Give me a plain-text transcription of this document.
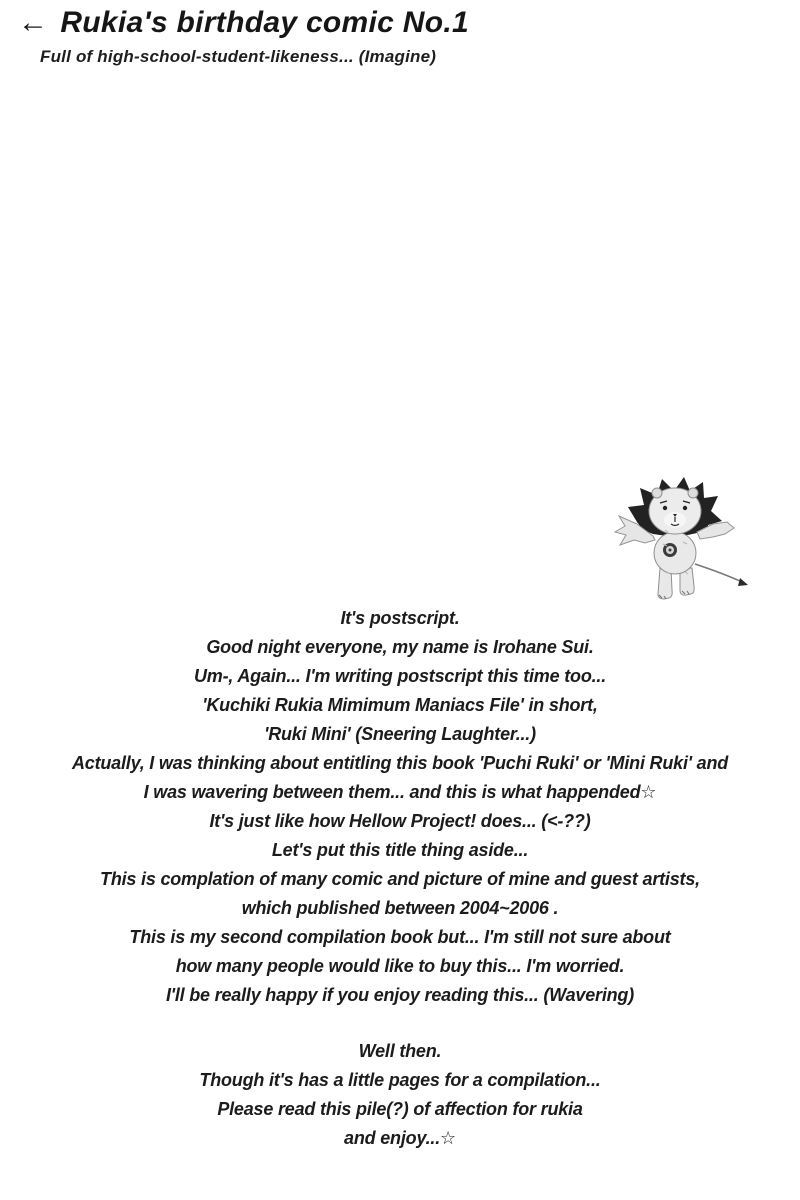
← Rukia's birthday comic No.1
Full of high-school-student-likeness... (Imagine)
It's postscript.
Good night everyone, my name is Irohane Sui.
Um-, Again... I'm writing postscript this time too...
'Kuchiki Rukia Mimimum Maniacs File' in short,
'Ruki Mini' (Sneering Laughter...)
Actually, I was thinking about entitling this book 'Puchi Ruki' or 'Mini Ruki' and
I was wavering between them... and this is what happended☆
It's just like how Hellow Project! does... (<-??)
Let's put this title thing aside...
This is complation of many comic and picture of mine and guest artists,
which published between 2004~2006 .
This is my second compilation book but... I'm still not sure about
how many people would like to buy this... I'm worried.
I'll be really happy if you enjoy reading this... (Wavering)
Well then.
Though it's has a little pages for a compilation...
Please read this pile(?) of affection for rukia
and enjoy...☆
